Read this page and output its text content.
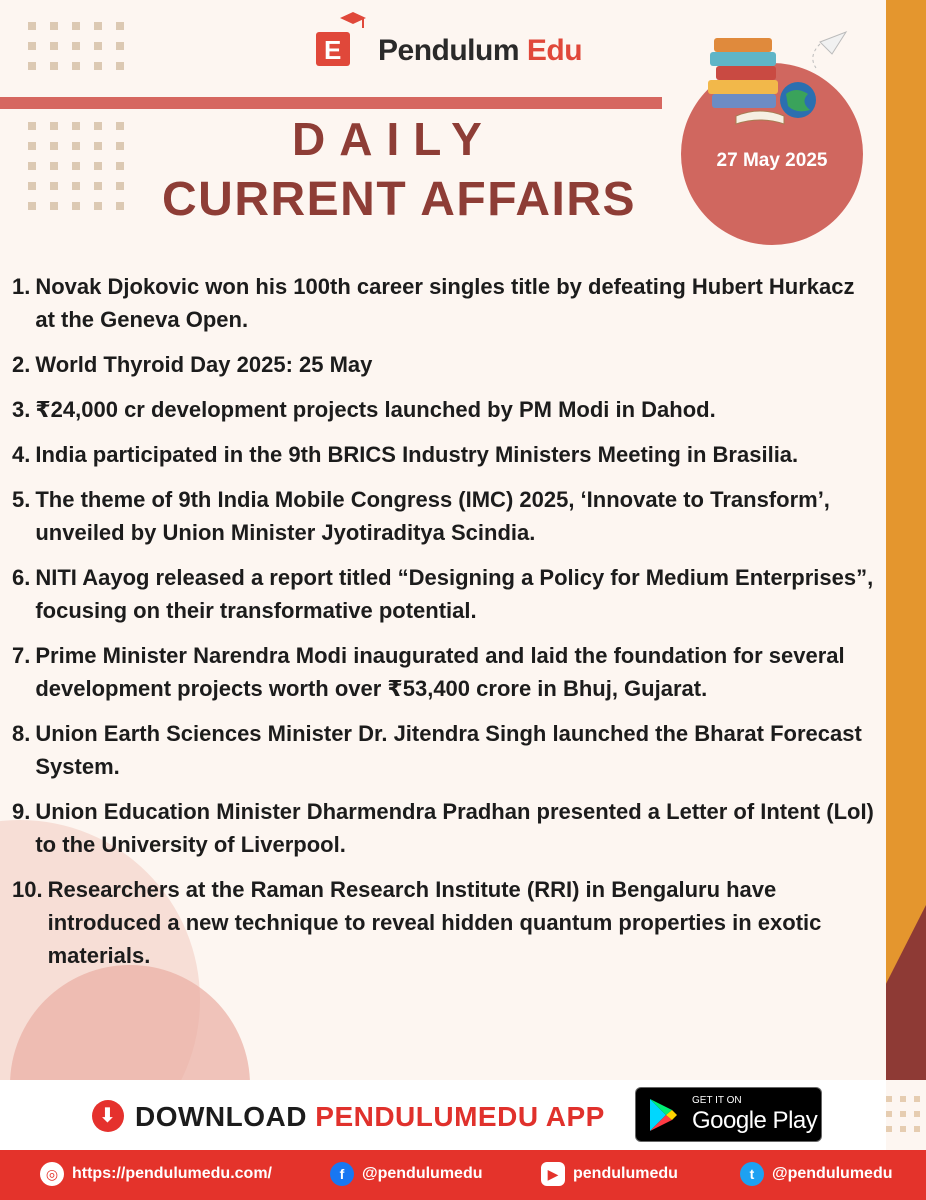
E
Pendulum Edu
DAILY
CURRENT AFFAIRS
27 May 2025
1. Novak Djokovic won his 100th career singles title by defeating Hubert Hurkacz at the Geneva Open.
2. World Thyroid Day 2025: 25 May
3. ₹24,000 cr development projects launched by PM Modi in Dahod.
4. India participated in the 9th BRICS Industry Ministers Meeting in Brasilia.
5. The theme of 9th India Mobile Congress (IMC) 2025, ‘Innovate to Transform’, unveiled by Union Minister Jyotiraditya Scindia.
6. NITI Aayog released a report titled “Designing a Policy for Medium Enterprises”, focusing on their transformative potential.
7. Prime Minister Narendra Modi inaugurated and laid the foundation for several development projects worth over ₹53,400 crore in Bhuj, Gujarat.
8. Union Earth Sciences Minister Dr. Jitendra Singh launched the Bharat Forecast System.
9. Union Education Minister Dharmendra Pradhan presented a Letter of Intent (LoI) to the University of Liverpool.
10. Researchers at the Raman Research Institute (RRI) in Bengaluru have introduced a new technique to reveal hidden quantum properties in exotic materials.
⬇
DOWNLOAD PENDULUMEDU APP
GET IT ON
Google Play
◎ https://pendulumedu.com/	f	@pendulumedu	▶ pendulumedu	t	@pendulumedu
